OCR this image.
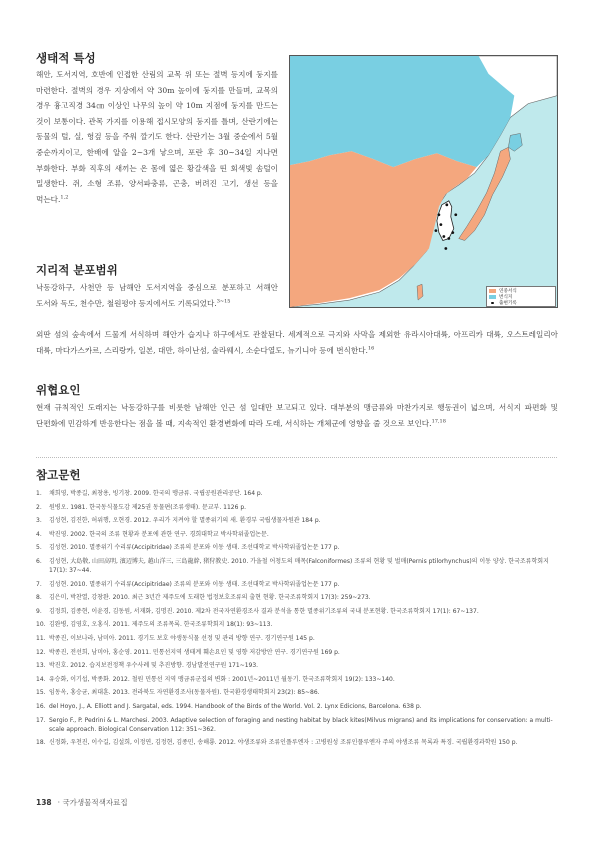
생태적 특성
해안, 도서지역, 호반에 인접한 산림의 교목 위 또는 절벽 등지에 둥지를 마련한다. 절벽의 경우 지상에서 약 30m 높이에 둥지를 만들며, 교목의 경우 흉고직경 34㎝ 이상인 나무의 높이 약 10m 지점에 둥지를 만드는 것이 보통이다. 관목 가지를 이용해 접시모양의 둥지를 틀며, 산란기에는 동물의 털, 실, 헝겊 등을 주워 깔기도 한다. 산란기는 3월 중순에서 5월 중순까지이고, 한배에 알을 2~3개 낳으며, 포란 후 30~34일 지나면 부화한다. 부화 직후의 새끼는 온 몸에 엷은 황갈색을 띤 회색빛 솜털이 밀생한다. 쥐, 소형 조류, 양서파충류, 곤충, 버려진 고기, 생선 등을 먹는다.$^{1,2}$
연중서식
번식지
출현기록
지리적 분포범위
낙동강하구, 사천만 등 남해안 도서지역을 중심으로 분포하고 서해안 도서와 독도, 천수만, 철원평야 등지에서도 기록되었다.$^{3\sim 15}$
외딴 섬의 숲속에서 드물게 서식하며 해안가 습지나 하구에서도 관찰된다. 세계적으로 극지와 사막을 제외한 유라시아대륙, 아프리카 대륙, 오스트레일리아 대륙, 마다가스카르, 스리랑카, 일본, 대만, 하이난섬, 술라웨시, 소순다열도, 뉴기니아 등에 번식한다.$^{16}$
위협요인
현재 규칙적인 도래지는 낙동강하구를 비롯한 남해안 인근 섬 일대만 보고되고 있다. 대부분의 맹금류와 마찬가지로 행동권이 넓으며, 서식지 파편화 및 단편화에 민감하게 반응한다는 점을 볼 때, 지속적인 환경변화에 따라 도래, 서식하는 개체군에 영향을 줄 것으로 보인다.$^{17,18}$
참고문헌
1.	채희영, 박종길, 최창용, 빙기창. 2009. 한국의 맹금류. 국립공원관리공단. 164 p.
2.	원병오. 1981. 한국동식물도감 제25권 동물편(조류생태). 문교부. 1126 p.
3.	김성현, 김진한, 허위행, 오현경. 2012. 우리가 지켜야 할 멸종위기의 새. 환경부 국립생물자원관 184 p.
4.	박진영. 2002. 한국의 조류 현황과 분포에 관한 연구. 경희대학교 박사학위졸업논문.
5.	김성현. 2010. 멸종위기 수리류(Accipitridae) 조류의 분포와 이동 생태. 조선대학교 박사학위졸업논문 177 p.
6.	김성현, 大島敬, 山田高明, 濱辺博夫, 越山洋三, 三島龍幹, 猪狩教史. 2010. 가을철 어청도의 매목(Falconiformes) 조류의 현황 및 벌매(Pernis ptilorhynchus)의 이동 양상. 한국조류학회지 17(1): 37~44.
7.	김성현. 2010. 멸종위기 수리류(Accipitridae) 조류의 분포와 이동 생태. 조선대학교 박사학위졸업논문 177 p.
8.	김은미, 박찬열, 강창완. 2010. 최근 3년간 제주도에 도래한 법정보호조류의 출현 현황. 한국조류학회지 17(3): 259~273.
9.	김정희, 김종현, 이윤경, 김동원, 서재화, 김명진. 2010. 제2차 전국자연환경조사 결과 분석을 통한 멸종위기조류의 국내 분포현황. 한국조류학회지 17(1): 67~137.
10. 김완병, 김영호, 오홍식. 2011. 제주도의 조류목록. 한국조류학회지 18(1): 93~113.
11. 박종진, 이보나라, 남미아. 2011. 경기도 보호 야생동식물 선정 및 관리 방향 연구. 경기연구원 145 p.
12. 박종진, 전선희, 남미아, 홍순영. 2011. 민통선지역 생태계 훼손요인 및 영향 저감방안 연구. 경기연구원 169 p.
13. 박진호. 2012. 습지보전정책 우수사례 및 추진방향. 경남발전연구원 171~193.
14. 유승화, 이기섭, 박종화. 2012. 철원 민통선 지역 맹금류군집의 변화 : 2001년~2011년 월동기. 한국조류학회지 19(2): 133~140.
15. 임동옥, 홍승균, 최대훈. 2013. 전라북도 자연환경조사(동물자원). 한국환경생태학회지 23(2): 85~86.
16. del Hoyo, J., A. Elliott and J. Sargatal, eds. 1994. Handbook of the Birds of the World. Vol. 2. Lynx Edicions, Barcelona. 638 p.
17. Sergio F., P. Pedrini & L. Marchesi. 2003. Adaptive selection of foraging and nesting habitat by black kites(Milvus migrans) and its implications for conservation: a multi-scale approach. Biological Conservation 112: 351~362.
18. 신정화, 우천진, 이수길, 김설희, 이정연, 김정현, 김종민, 송해룡. 2012. 야생조류와 조류인플루엔자 : 고병원성 조류인플루엔자 주의 야생조류 목록과 특징. 국립환경과학원 150 p.
138 · 국가생물적색자료집
